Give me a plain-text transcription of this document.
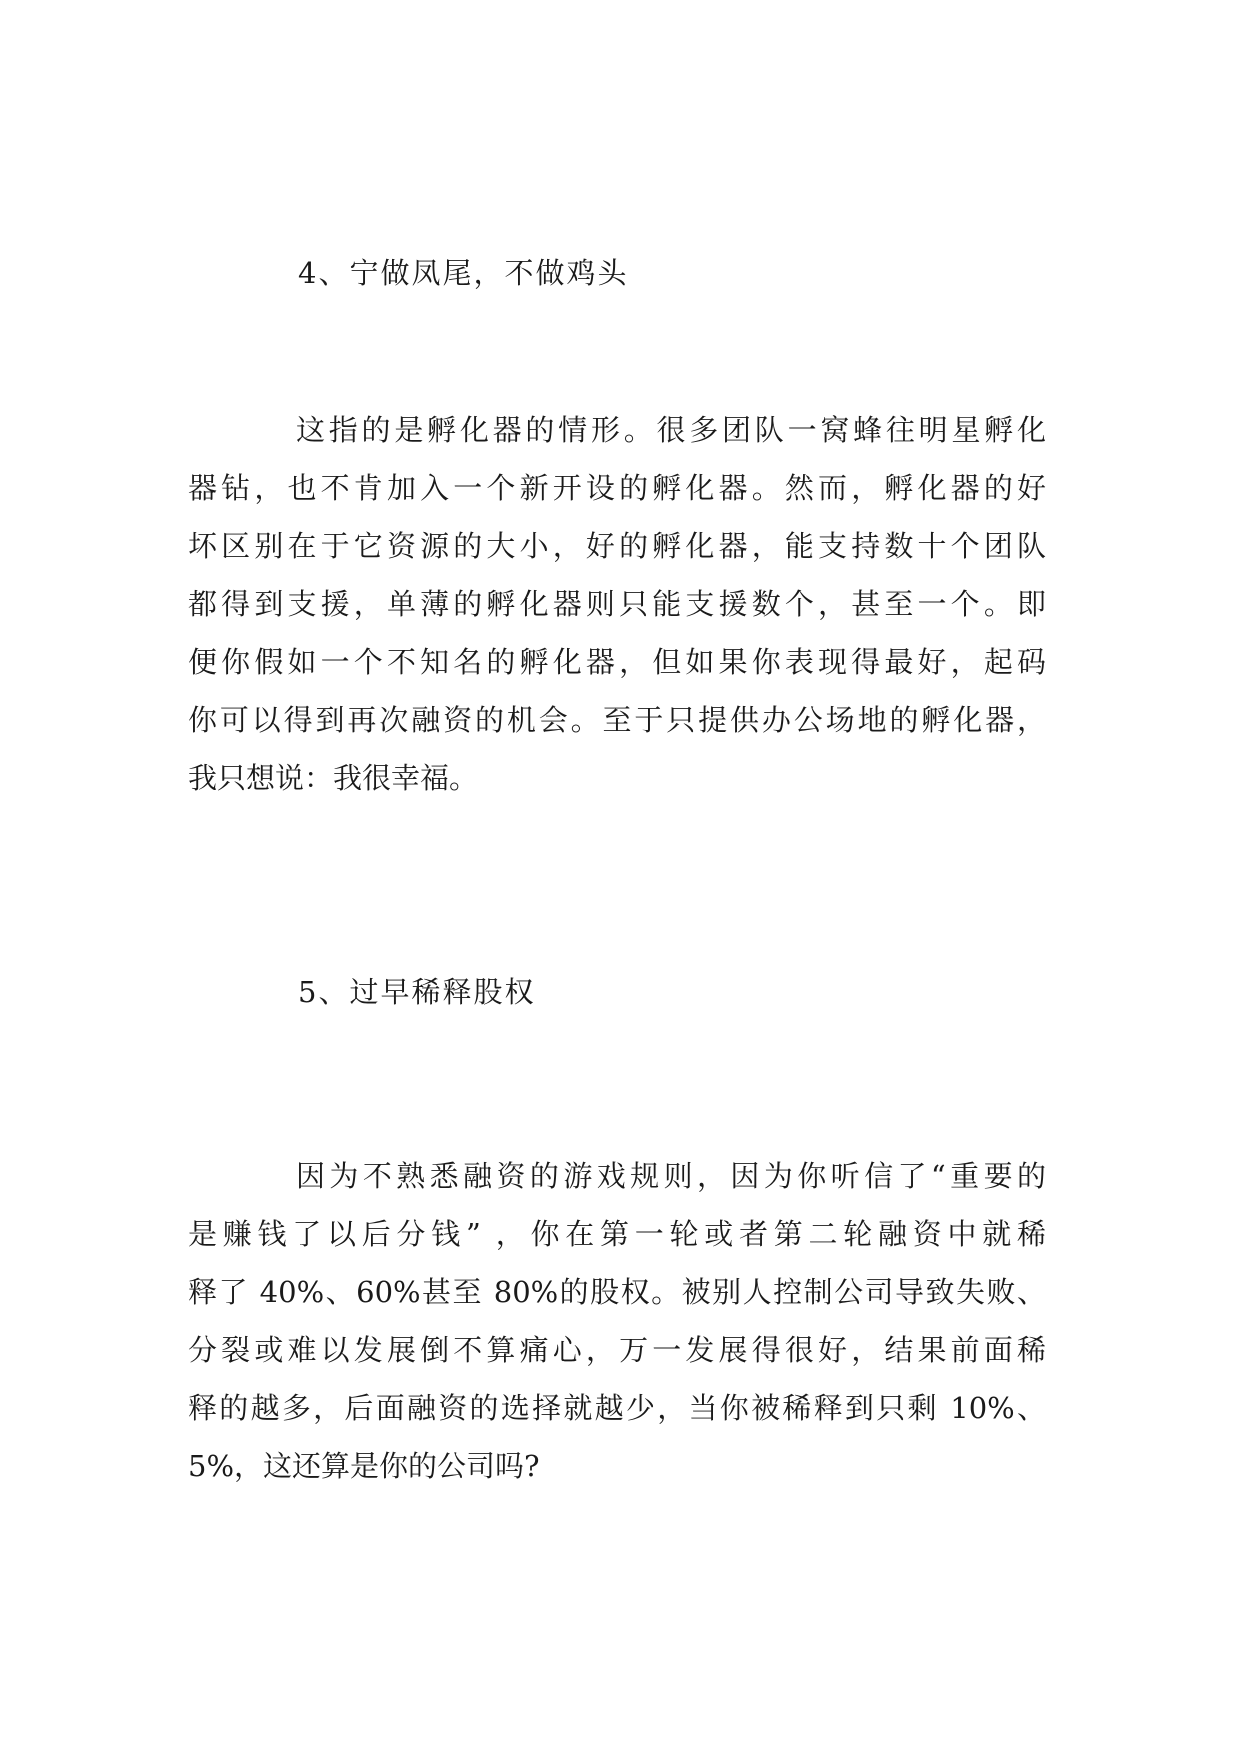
4、宁做凤尾，不做鸡头
这指的是孵化器的情形。很多团队一窝蜂往明星孵化
器钻，也不肯加入一个新开设的孵化器。然而，孵化器的好
坏区别在于它资源的大小，好的孵化器，能支持数十个团队
都得到支援，单薄的孵化器则只能支援数个，甚至一个。即
便你假如一个不知名的孵化器，但如果你表现得最好，起码
你可以得到再次融资的机会。至于只提供办公场地的孵化器，
我只想说：我很幸福。
5、过早稀释股权
因为不熟悉融资的游戏规则，因为你听信了“重要的
是赚钱了以后分钱” ，你在第一轮或者第二轮融资中就稀
释了 40%、60%甚至 80%的股权。被别人控制公司导致失败、
分裂或难以发展倒不算痛心，万一发展得很好，结果前面稀
释的越多，后面融资的选择就越少，当你被稀释到只剩 10%、
5%，这还算是你的公司吗?
